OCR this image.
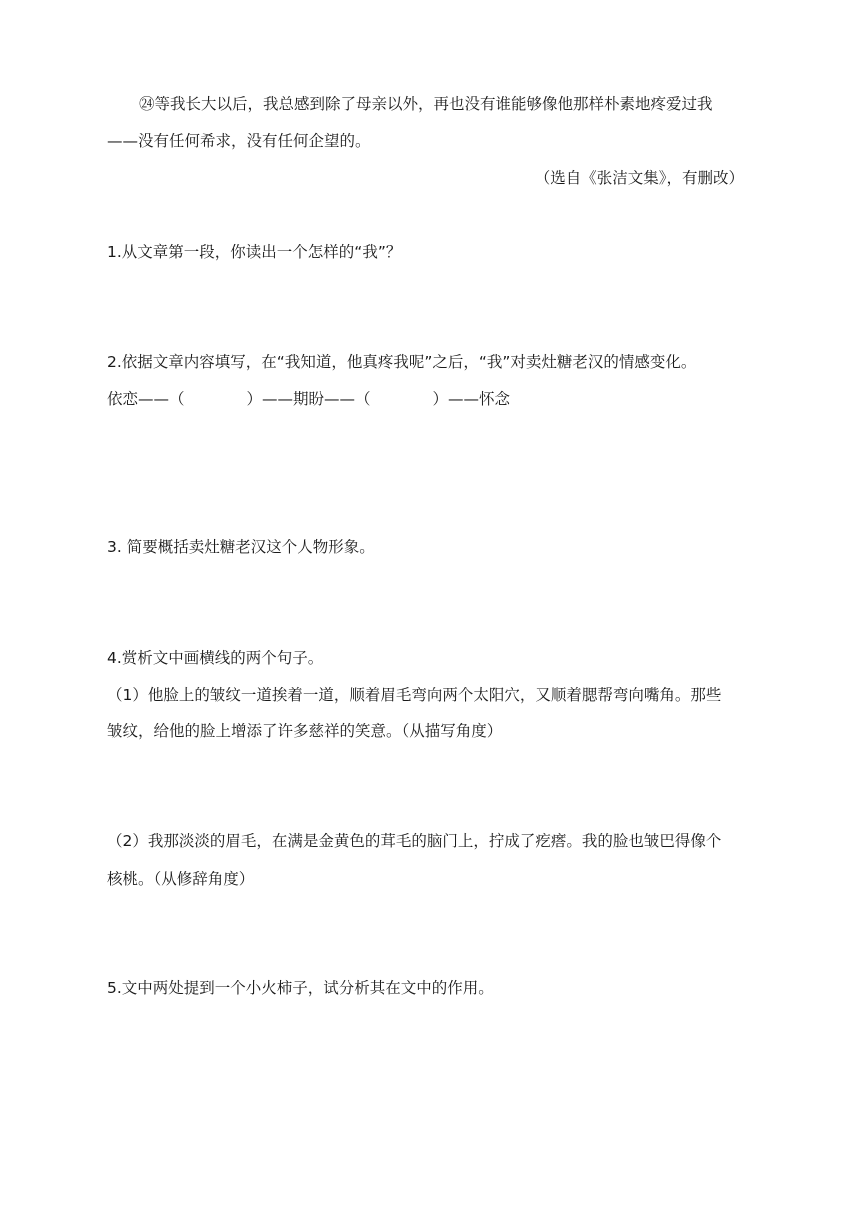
㉔等我长大以后，我总感到除了母亲以外，再也没有谁能够像他那样朴素地疼爱过我
——没有任何希求，没有任何企望的。
（选自《张洁文集》，有删改）
1.从文章第一段，你读出一个怎样的“我”？
2.依据文章内容填写，在“我知道，他真疼我呢”之后，“我”对卖灶糖老汉的情感变化。
依恋——（　　　　）——期盼——（　　　　）——怀念
3. 简要概括卖灶糖老汉这个人物形象。
4.赏析文中画横线的两个句子。
（1）他脸上的皱纹一道挨着一道，顺着眉毛弯向两个太阳穴，又顺着腮帮弯向嘴角。那些
皱纹，给他的脸上增添了许多慈祥的笑意。（从描写角度）
（2）我那淡淡的眉毛，在满是金黄色的茸毛的脑门上，拧成了疙瘩。我的脸也皱巴得像个
核桃。（从修辞角度）
5.文中两处提到一个小火柿子，试分析其在文中的作用。
